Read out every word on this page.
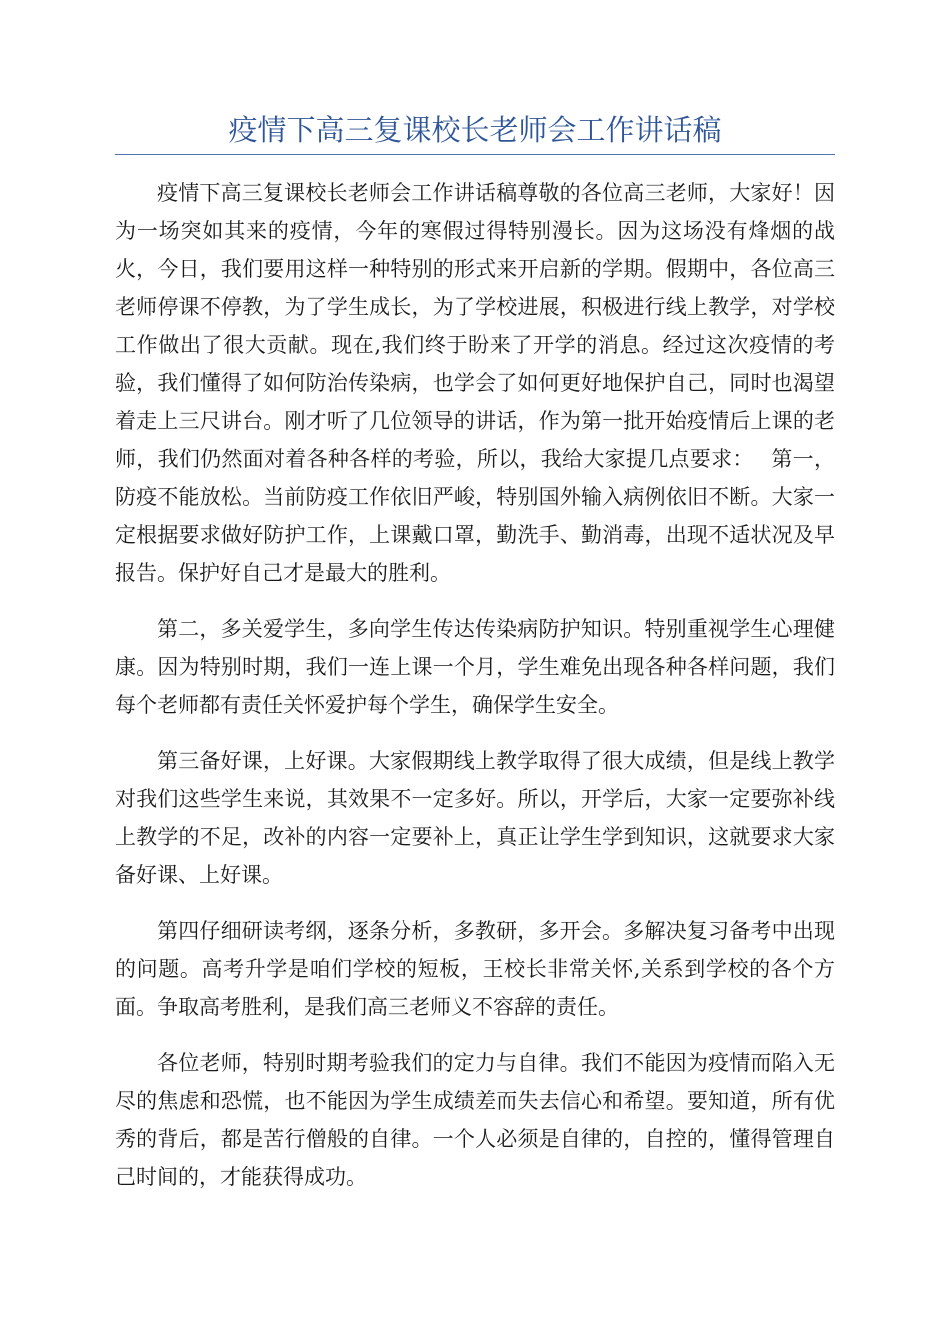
疫情下高三复课校长老师会工作讲话稿

疫情下高三复课校长老师会工作讲话稿尊敬的各位高三老师，大家好！因为一场突如其来的疫情，今年的寒假过得特别漫长。因为这场没有烽烟的战火，今日，我们要用这样一种特别的形式来开启新的学期。假期中，各位高三老师停课不停教，为了学生成长，为了学校进展，积极进行线上教学，对学校工作做出了很大贡献。现在,我们终于盼来了开学的消息。经过这次疫情的考验，我们懂得了如何防治传染病，也学会了如何更好地保护自己，同时也渴望着走上三尺讲台。刚才听了几位领导的讲话，作为第一批开始疫情后上课的老师，我们仍然面对着各种各样的考验，所以，我给大家提几点要求：　 第一，防疫不能放松。当前防疫工作依旧严峻，特别国外输入病例依旧不断。大家一定根据要求做好防护工作，上课戴口罩，勤洗手、勤消毒，出现不适状况及早报告。保护好自己才是最大的胜利。

第二，多关爱学生，多向学生传达传染病防护知识。特别重视学生心理健康。因为特别时期，我们一连上课一个月，学生难免出现各种各样问题，我们每个老师都有责任关怀爱护每个学生，确保学生安全。

第三备好课，上好课。大家假期线上教学取得了很大成绩，但是线上教学对我们这些学生来说，其效果不一定多好。所以，开学后，大家一定要弥补线上教学的不足，改补的内容一定要补上，真正让学生学到知识，这就要求大家备好课、上好课。

第四仔细研读考纲，逐条分析，多教研，多开会。多解决复习备考中出现的问题。高考升学是咱们学校的短板，王校长非常关怀,关系到学校的各个方面。争取高考胜利，是我们高三老师义不容辞的责任。

各位老师，特别时期考验我们的定力与自律。我们不能因为疫情而陷入无尽的焦虑和恐慌，也不能因为学生成绩差而失去信心和希望。要知道，所有优秀的背后，都是苦行僧般的自律。一个人必须是自律的，自控的，懂得管理自己时间的，才能获得成功。
